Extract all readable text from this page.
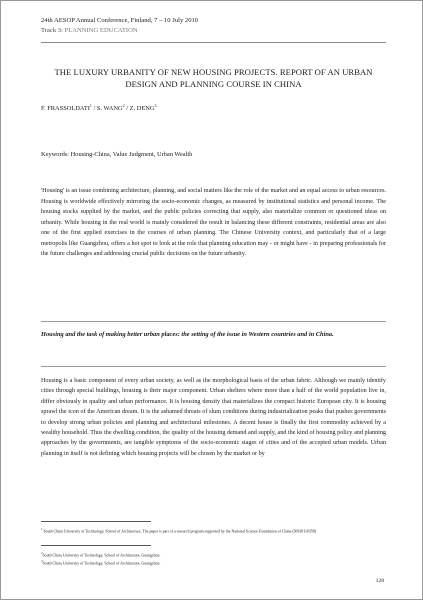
24th AESOP Annual Conference, Finland, 7 – 10 July 2010
Track 3: PLANNING EDUCATION
THE LUXURY URBANITY OF NEW HOUSING PROJECTS. REPORT OF AN URBAN DESIGN AND PLANNING COURSE IN CHINA
F. FRASSOLDATI$^1$ / S. WANG$^2$ / Z. DENG$^3$
Keywords: Housing-China, Value Judgment, Urban Wealth
'Housing' is an issue combining architecture, planning, and social matters like the role of the market and an equal access to urban resources. Housing is worldwide effectively mirroring the socio-economic changes, as measured by institutional statistics and personal income. The housing stocks supplied by the market, and the public policies correcting that supply, also materialize common or questioned ideas on urbanity. While housing in the real world is mainly considered the result in balancing these different constraints, residential areas are also one of the first applied exercises in the courses of urban planning. The Chinese University context, and particularly that of a large metropolis like Guangzhou, offers a hot spot to look at the role that planning education may - or might have - in preparing professionals for the future challenges and addressing crucial public decisions on the future urbanity.
Housing and the task of making better urban places: the setting of the issue in Western countries and in China.
Housing is a basic component of every urban society, as well as the morphological basis of the urban fabric. Although we mainly identify cities through special buildings, housing is their major component. Urban shelters where more than a half of the world population live in, differ obviously in quality and urban performance. It is housing density that materializes the compact historic European city. It is housing sprawl the icon of the American dream. It is the ashamed threats of slum conditions during industrialization peaks that pushes governments to develop strong urban policies and planning and architectural milestones. A decent house is finally the first commodity achieved by a wealthy household. Thus the dwelling condition, the quality of the housing demand and supply, and the kind of housing policy and planning approaches by the governments, are tangible symptoms of the socio-economic stages of cities and of the accepted urban models. Urban planning in itself is not defining which housing projects will be chosen by the market or by
$^1$ South China University of Technology, School of Architecture. The paper is part of a research program supported by the National Science Foundation of China (50938110358)
$^2$South China University of Technology, School of Architecture, Guangzhou.
$^3$South China University of Technology, School of Architecture, Guangzhou.
128
